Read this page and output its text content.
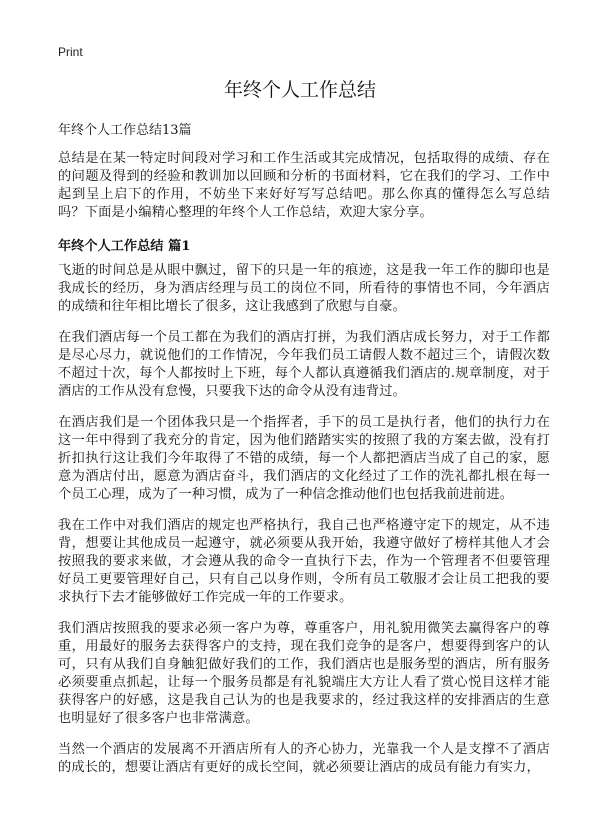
Print
年终个人工作总结
年终个人工作总结13篇

总结是在某一特定时间段对学习和工作生活或其完成情况，包括取得的成绩、存在的问题及得到的经验和教训加以回顾和分析的书面材料，它在我们的学习、工作中起到呈上启下的作用，不妨坐下来好好写写总结吧。那么你真的懂得怎么写总结吗？下面是小编精心整理的年终个人工作总结，欢迎大家分享。

年终个人工作总结 篇1

飞逝的时间总是从眼中飘过，留下的只是一年的痕迹，这是我一年工作的脚印也是我成长的经历，身为酒店经理与员工的岗位不同，所看待的事情也不同，今年酒店的成绩和往年相比增长了很多，这让我感到了欣慰与自豪。

在我们酒店每一个员工都在为我们的酒店打拼，为我们酒店成长努力，对于工作都是尽心尽力，就说他们的工作情况，今年我们员工请假人数不超过三个，请假次数不超过十次，每个人都按时上下班，每个人都认真遵循我们酒店的.规章制度，对于酒店的工作从没有怠慢，只要我下达的命令从没有违背过。

在酒店我们是一个团体我只是一个指挥者，手下的员工是执行者，他们的执行力在这一年中得到了我充分的肯定，因为他们踏踏实实的按照了我的方案去做，没有打折扣执行这让我们今年取得了不错的成绩，每一个人都把酒店当成了自己的家，愿意为酒店付出，愿意为酒店奋斗，我们酒店的文化经过了工作的洗礼都扎根在每一个员工心理，成为了一种习惯，成为了一种信念推动他们也包括我前进前进。

我在工作中对我们酒店的规定也严格执行，我自己也严格遵守定下的规定，从不违背，想要让其他成员一起遵守，就必须要从我开始，我遵守做好了榜样其他人才会按照我的要求来做，才会遵从我的命令一直执行下去，作为一个管理者不但要管理好员工更要管理好自己，只有自己以身作则，令所有员工敬服才会让员工把我的要求执行下去才能够做好工作完成一年的工作要求。

我们酒店按照我的要求必须一客户为尊，尊重客户，用礼貌用微笑去赢得客户的尊重，用最好的服务去获得客户的支持，现在我们竞争的是客户，想要得到客户的认可，只有从我们自身触犯做好我们的工作，我们酒店也是服务型的酒店，所有服务必须要重点抓起，让每一个服务员都是有礼貌端庄大方让人看了赏心悦目这样才能获得客户的好感，这是我自己认为的也是我要求的，经过我这样的安排酒店的生意也明显好了很多客户也非常满意。

当然一个酒店的发展离不开酒店所有人的齐心协力，光靠我一个人是支撑不了酒店的成长的，想要让酒店有更好的成长空间，就必须要让酒店的成员有能力有实力，
